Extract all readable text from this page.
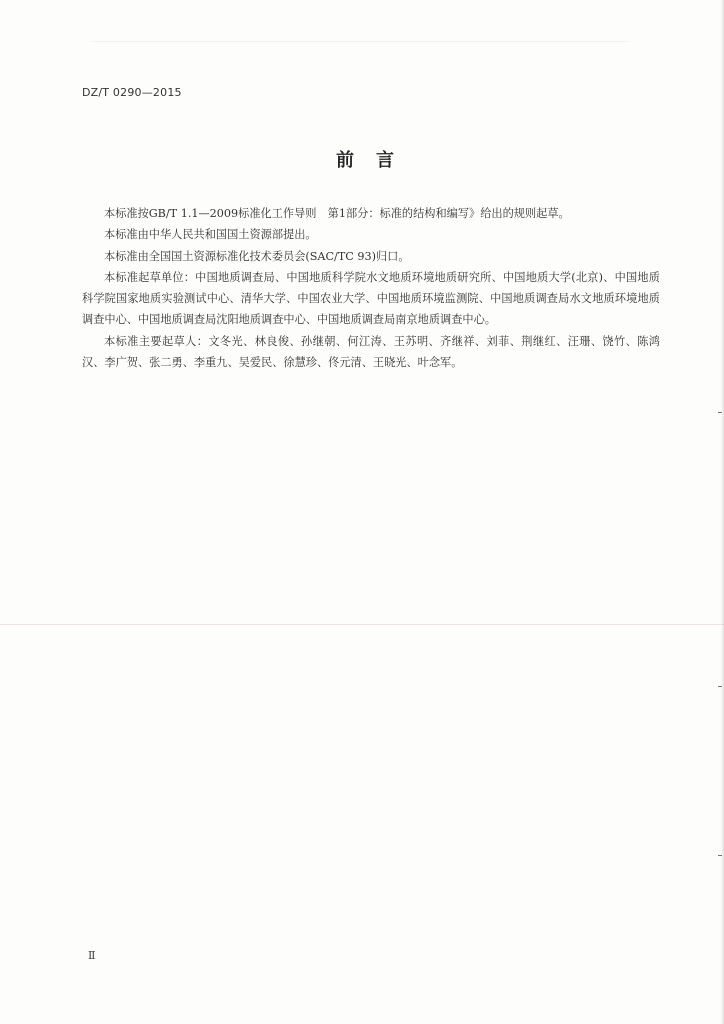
DZ/T 0290—2015
前言

本标准按GB/T 1.1—2009标准化工作导则　第1部分：标准的结构和编写》给出的规则起草。

本标准由中华人民共和国国土资源部提出。

本标准由全国国土资源标准化技术委员会(SAC/TC 93)归口。

本标准起草单位：中国地质调查局、中国地质科学院水文地质环境地质研究所、中国地质大学(北京)、中国地质科学院国家地质实验测试中心、清华大学、中国农业大学、中国地质环境监测院、中国地质调查局水文地质环境地质调查中心、中国地质调查局沈阳地质调查中心、中国地质调查局南京地质调查中心。

本标准主要起草人：文冬光、林良俊、孙继朝、何江涛、王苏明、齐继祥、刘菲、荆继红、汪珊、饶竹、陈鸿汉、李广贺、张二勇、李重九、吴爱民、徐慧珍、佟元清、王晓光、叶念军。

Ⅱ
